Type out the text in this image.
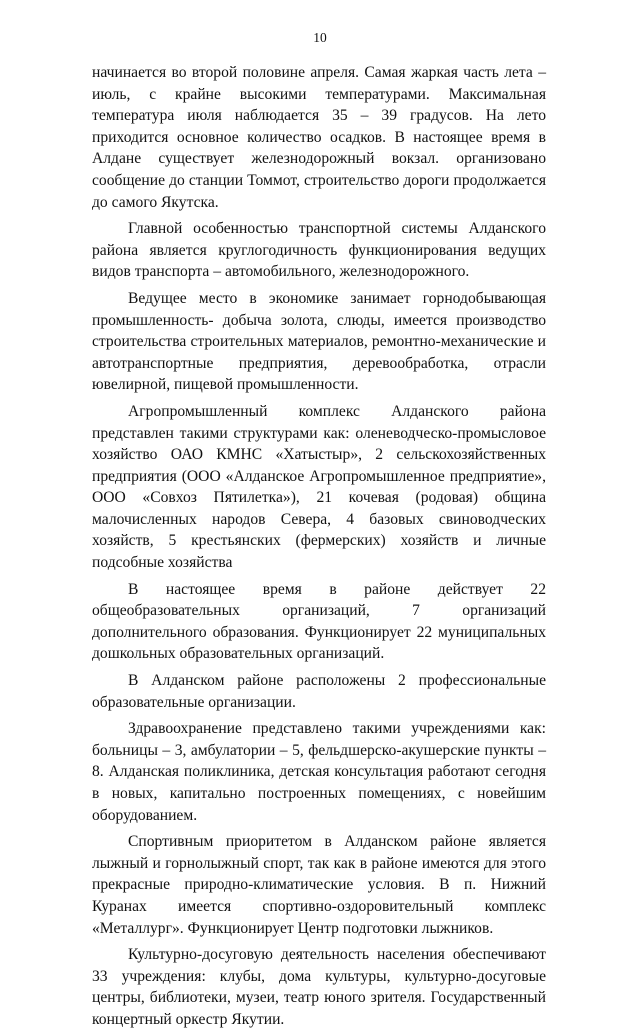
10

начинается во второй половине апреля. Самая жаркая часть лета – июль, с крайне высокими температурами. Максимальная температура июля наблюдается 35 – 39 градусов. На лето приходится основное количество осадков. В настоящее время в Алдане существует железнодорожный вокзал. организовано сообщение до станции Томмот, строительство дороги продолжается до самого Якутска.

Главной особенностью транспортной системы Алданского района является круглогодичность функционирования ведущих видов транспорта – автомобильного, железнодорожного.

Ведущее место в экономике занимает горнодобывающая промышленность- добыча золота, слюды, имеется производство строительства строительных материалов, ремонтно-механические и автотранспортные предприятия, деревообработка, отрасли ювелирной, пищевой промышленности.

Агропромышленный комплекс Алданского района представлен такими структурами как: оленеводческо-промысловое хозяйство ОАО КМНС «Хатыстыр», 2 сельскохозяйственных предприятия (ООО «Алданское Агропромышленное предприятие», ООО «Совхоз Пятилетка»), 21 кочевая (родовая) община малочисленных народов Севера, 4 базовых свиноводческих хозяйств, 5 крестьянских (фермерских) хозяйств и личные подсобные хозяйства

В настоящее время в районе действует 22 общеобразовательных организаций, 7 организаций дополнительного образования. Функционирует 22 муниципальных дошкольных образовательных организаций.

В Алданском районе расположены 2 профессиональные образовательные организации.

Здравоохранение представлено такими учреждениями как: больницы – 3, амбулатории – 5, фельдшерско-акушерские пункты – 8. Алданская поликлиника, детская консультация работают сегодня в новых, капитально построенных помещениях, с новейшим оборудованием.

Спортивным приоритетом в Алданском районе является лыжный и горнолыжный спорт, так как в районе имеются для этого прекрасные природно-климатические условия. В п. Нижний Куранах имеется спортивно-оздоровительный комплекс «Металлург». Функционирует Центр подготовки лыжников.

Культурно-досуговую деятельность населения обеспечивают 33 учреждения: клубы, дома культуры, культурно-досуговые центры, библиотеки, музеи, театр юного зрителя. Государственный концертный оркестр Якутии.
